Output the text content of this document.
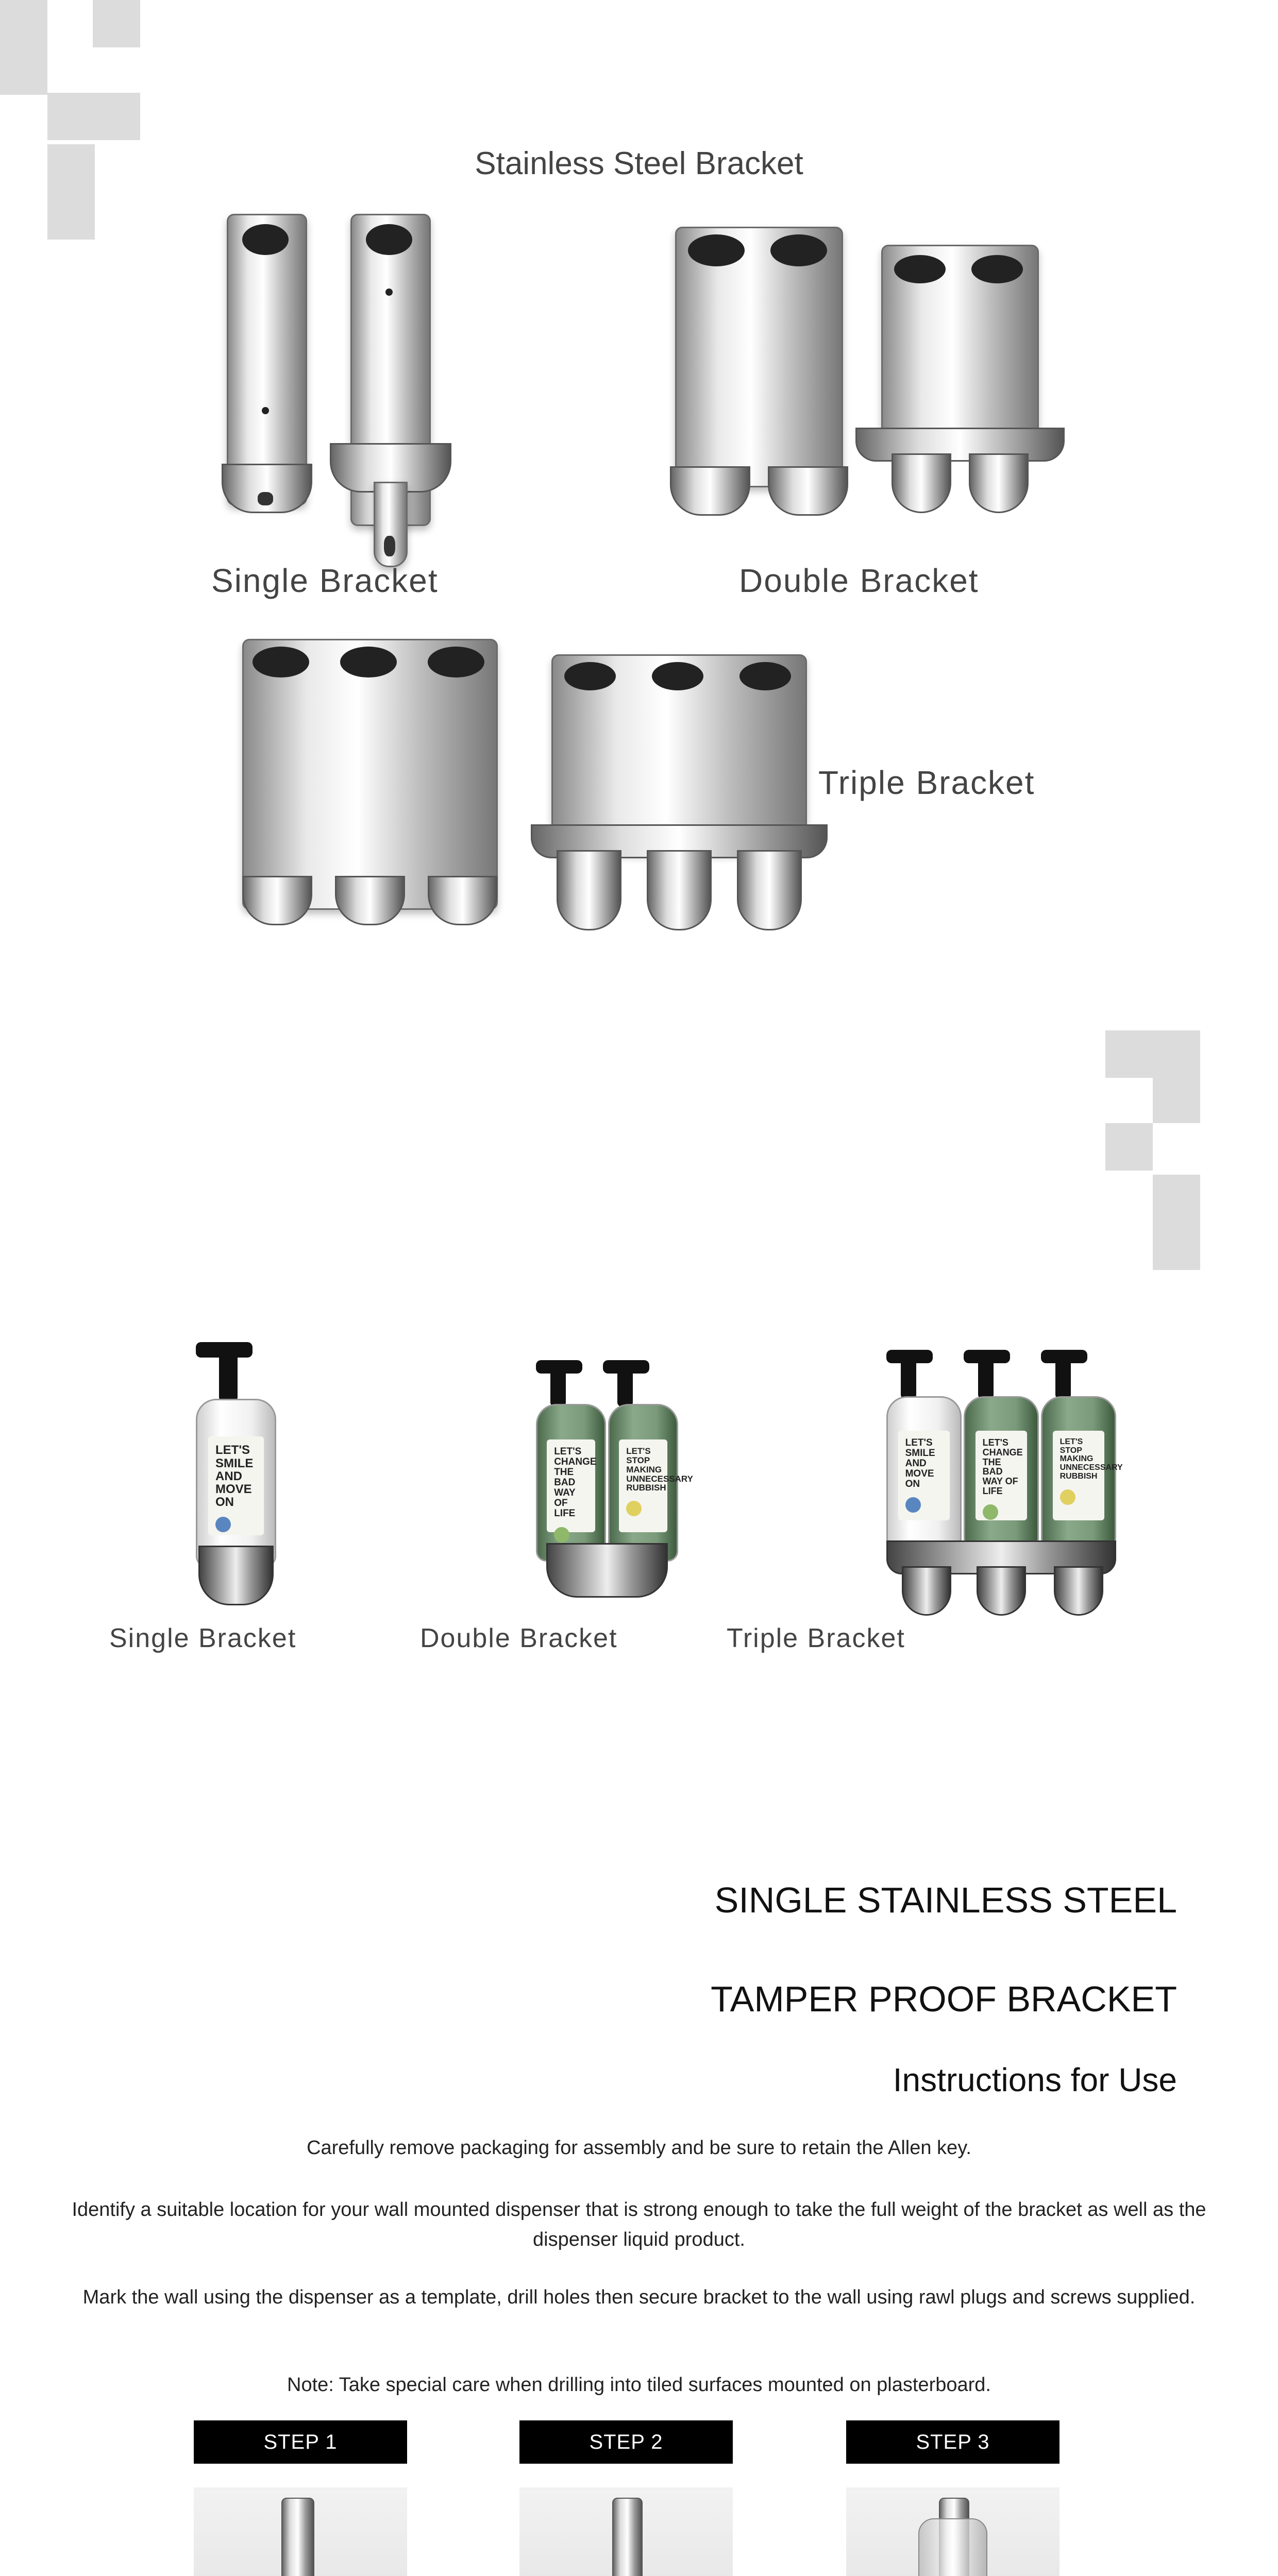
Stainless Steel Bracket
Single Bracket	Double Bracket
Triple Bracket
LET'S SMILE AND MOVE ON
Single Bracket
LET'S CHANGE THE BAD WAY OF LIFE
LET'S STOP MAKING UNNECESSARY RUBBISH
Double Bracket
LET'S SMILE AND MOVE ON
LET'S CHANGE THE BAD WAY OF LIFE
LET'S STOP MAKING UNNECESSARY RUBBISH
Triple Bracket
SINGLE STAINLESS STEEL
TAMPER PROOF BRACKET
Instructions for Use
Carefully remove packaging for assembly and be sure to retain the Allen key.
Identify a suitable location for your wall mounted dispenser that is strong enough to take the full weight of the bracket as well as the dispenser liquid product.
Mark the wall using the dispenser as a template, drill holes then secure bracket to the wall using rawl plugs and screws supplied.
Note: Take special care when drilling into tiled surfaces mounted on plasterboard.
STEP 1	STEP 2	STEP 3
